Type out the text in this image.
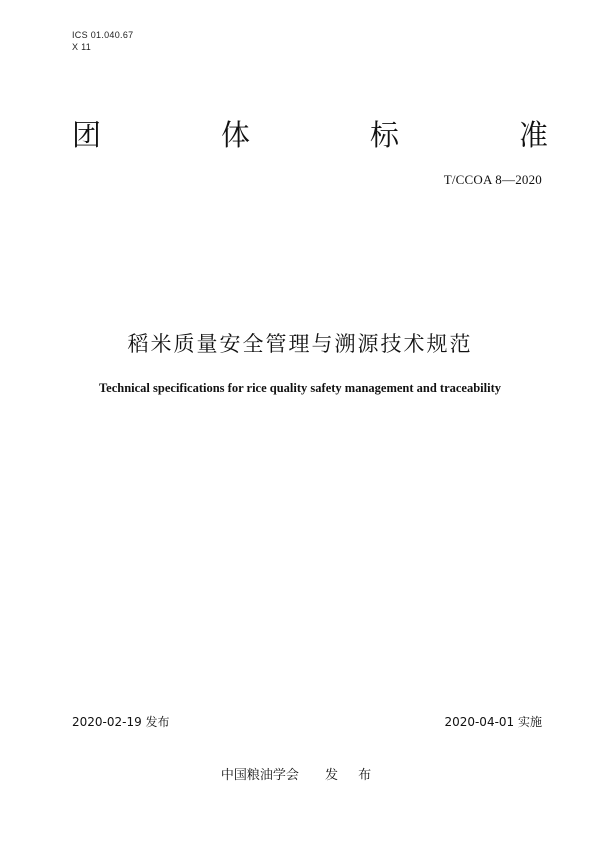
ICS 01.040.67
X 11
团	体	标	准
T/CCOA 8—2020
稻米质量安全管理与溯源技术规范
Technical specifications for rice quality safety management and traceability
2020-02-19 发布	2020-04-01 实施
中国粮油学会 发 布
